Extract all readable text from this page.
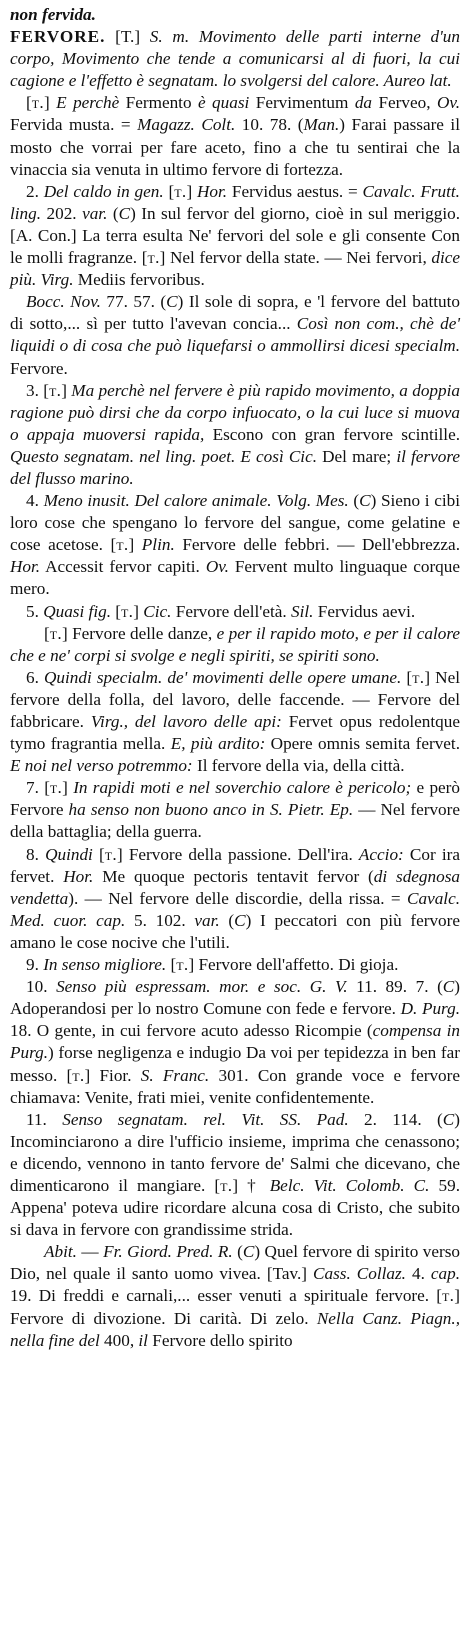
non fervida.

FERVORE. [T.] S. m. Movimento delle parti interne d'un corpo, Movimento che tende a comunicarsi al di fuori, la cui cagione e l'effetto è segnatam. lo svolgersi del calore. Aureo lat.

[t.] E perchè Fermento è quasi Fervimentum da Ferveo, Ov. Fervida musta. = Magazz. Colt. 10. 78. (Man.) Farai passare il mosto che vorrai per fare aceto, fino a che tu sentirai che la vinaccia sia venuta in ultimo fervore di fortezza.

2. Del caldo in gen. [t.] Hor. Fervidus aestus. = Cavalc. Frutt. ling. 202. var. (C) In sul fervor del giorno, cioè in sul meriggio. [A. Con.] La terra esulta Ne' fervori del sole e gli consente Con le molli fragranze. [t.] Nel fervor della state. — Nei fervori, dice più. Virg. Mediis fervoribus.

Bocc. Nov. 77. 57. (C) Il sole di sopra, e 'l fervore del battuto di sotto,... sì per tutto l'avevan concia... Così non com., chè de' liquidi o di cosa che può liquefarsi o ammollirsi dicesi specialm. Fervore.

3. [t.] Ma perchè nel fervere è più rapido movimento, a doppia ragione può dirsi che da corpo infuocato, o la cui luce si muova o appaja muoversi rapida, Escono con gran fervore scintille. Questo segnatam. nel ling. poet. E così Cic. Del mare; il fervore del flusso marino.

4. Meno inusit. Del calore animale. Volg. Mes. (C) Sieno i cibi loro cose che spengano lo fervore del sangue, come gelatine e cose acetose. [t.] Plin. Fervore delle febbri. — Dell'ebbrezza. Hor. Accessit fervor capiti. Ov. Fervent multo linguaque corque mero.

5. Quasi fig. [t.] Cic. Fervore dell'età. Sil. Fervidus aevi.

[t.] Fervore delle danze, e per il rapido moto, e per il calore che e ne' corpi si svolge e negli spiriti, se spiriti sono.

6. Quindi specialm. de' movimenti delle opere umane. [t.] Nel fervore della folla, del lavoro, delle faccende. — Fervore del fabbricare. Virg., del lavoro delle api: Fervet opus redolentque tymo fragrantia mella. E, più ardito: Opere omnis semita fervet. E noi nel verso potremmo: Il fervore della via, della città.

7. [t.] In rapidi moti e nel soverchio calore è pericolo; e però Fervore ha senso non buono anco in S. Pietr. Ep. — Nel fervore della battaglia; della guerra.

8. Quindi [t.] Fervore della passione. Dell'ira. Accio: Cor ira fervet. Hor. Me quoque pectoris tentavit fervor (di sdegnosa vendetta). — Nel fervore delle discordie, della rissa. = Cavalc. Med. cuor. cap. 5. 102. var. (C) I peccatori con più fervore amano le cose nocive che l'utili.

9. In senso migliore. [t.] Fervore dell'affetto. Di gioja.

10. Senso più espressam. mor. e soc. G. V. 11. 89. 7. (C) Adoperandosi per lo nostro Comune con fede e fervore. D. Purg. 18. O gente, in cui fervore acuto adesso Ricompie (compensa in Purg.) forse negligenza e indugio Da voi per tepidezza in ben far messo. [t.] Fior. S. Franc. 301. Con grande voce e fervore chiamava: Venite, frati miei, venite confidentemente.

11. Senso segnatam. rel. Vit. SS. Pad. 2. 114. (C) Incominciarono a dire l'ufficio insieme, imprima che cenassono; e dicendo, vennono in tanto fervore de' Salmi che dicevano, che dimenticarono il mangiare. [t.] † Belc. Vit. Colomb. C. 59. Appena' potevа udire ricordare alcuna cosa di Cristo, che subito si dava in fervore con grandissime strida.

Abit. — Fr. Giord. Pred. R. (C) Quel fervore di spirito verso Dio, nel quale il santo uomo vivea. [Tav.] Cass. Collaz. 4. cap. 19. Di freddi e carnali,... esser venuti a spirituale fervore. [t.] Fervore di divozione. Di carità. Di zelo. Nella Canz. Piagn., nella fine del 400, il Fervore dello spirito
